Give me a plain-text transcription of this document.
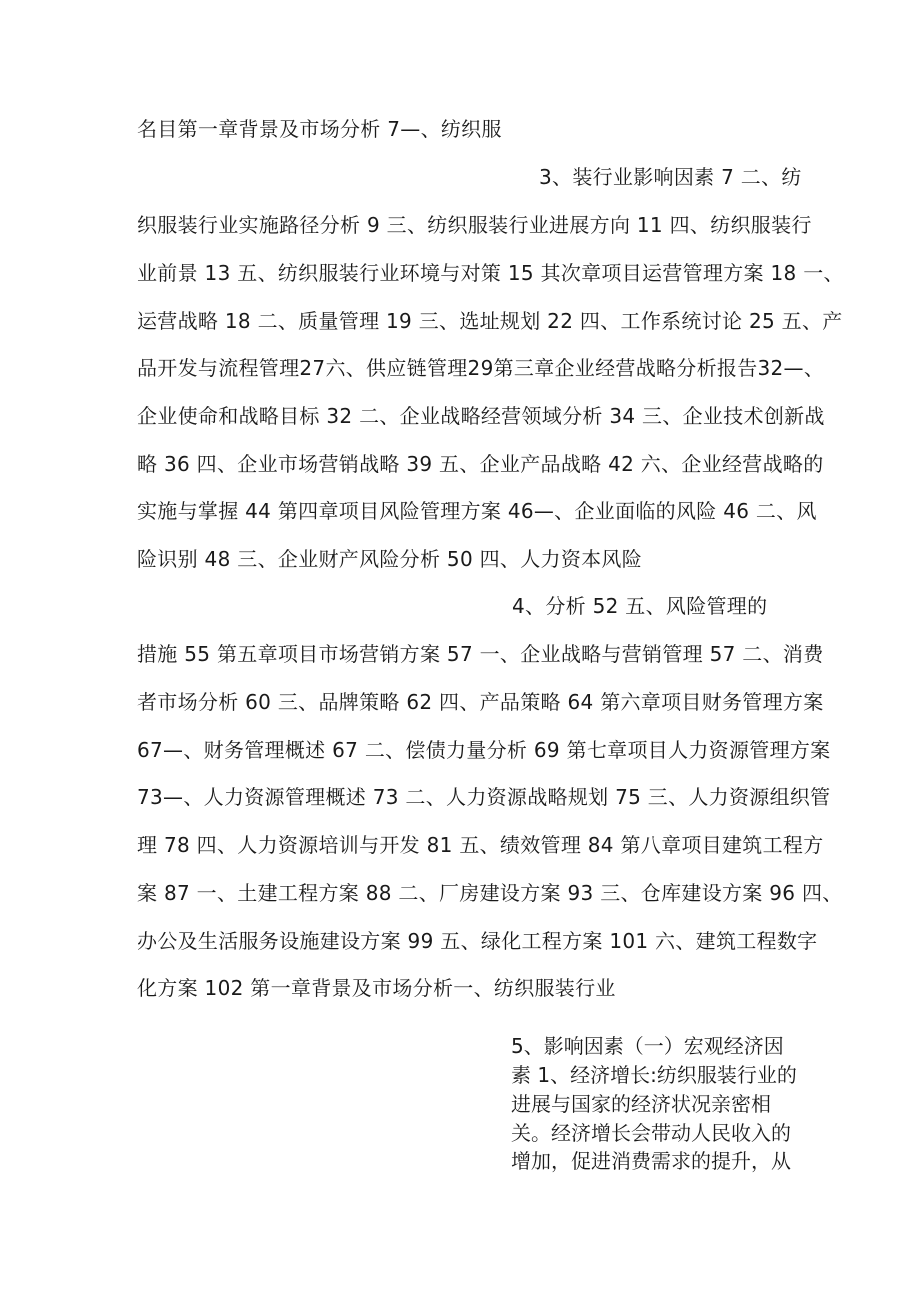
名目第一章背景及市场分析 7—、纺织服
3、装行业影响因素 7 二、纺
织服装行业实施路径分析 9 三、纺织服装行业进展方向 11 四、纺织服装行
业前景 13 五、纺织服装行业环境与对策 15 其次章项目运营管理方案 18 一、
运营战略 18 二、质量管理 19 三、选址规划 22 四、工作系统讨论 25 五、产
品开发与流程管理27六、供应链管理29第三章企业经营战略分析报告32—、
企业使命和战略目标 32 二、企业战略经营领域分析 34 三、企业技术创新战
略 36 四、企业市场营销战略 39 五、企业产品战略 42 六、企业经营战略的
实施与掌握 44 第四章项目风险管理方案 46—、企业面临的风险 46 二、风
险识别 48 三、企业财产风险分析 50 四、人力资本风险
4、分析 52 五、风险管理的
措施 55 第五章项目市场营销方案 57 一、企业战略与营销管理 57 二、消费
者市场分析 60 三、品牌策略 62 四、产品策略 64 第六章项目财务管理方案
67—、财务管理概述 67 二、偿债力量分析 69 第七章项目人力资源管理方案
73—、人力资源管理概述 73 二、人力资源战略规划 75 三、人力资源组织管
理 78 四、人力资源培训与开发 81 五、绩效管理 84 第八章项目建筑工程方
案 87 一、土建工程方案 88 二、厂房建设方案 93 三、仓库建设方案 96 四、
办公及生活服务设施建设方案 99 五、绿化工程方案 101 六、建筑工程数字
化方案 102 第一章背景及市场分析一、纺织服装行业
5、影响因素（一）宏观经济因
素 1、经济增长:纺织服装行业的
进展与国家的经济状况亲密相
关。经济增长会带动人民收入的
增加，促进消费需求的提升，从
